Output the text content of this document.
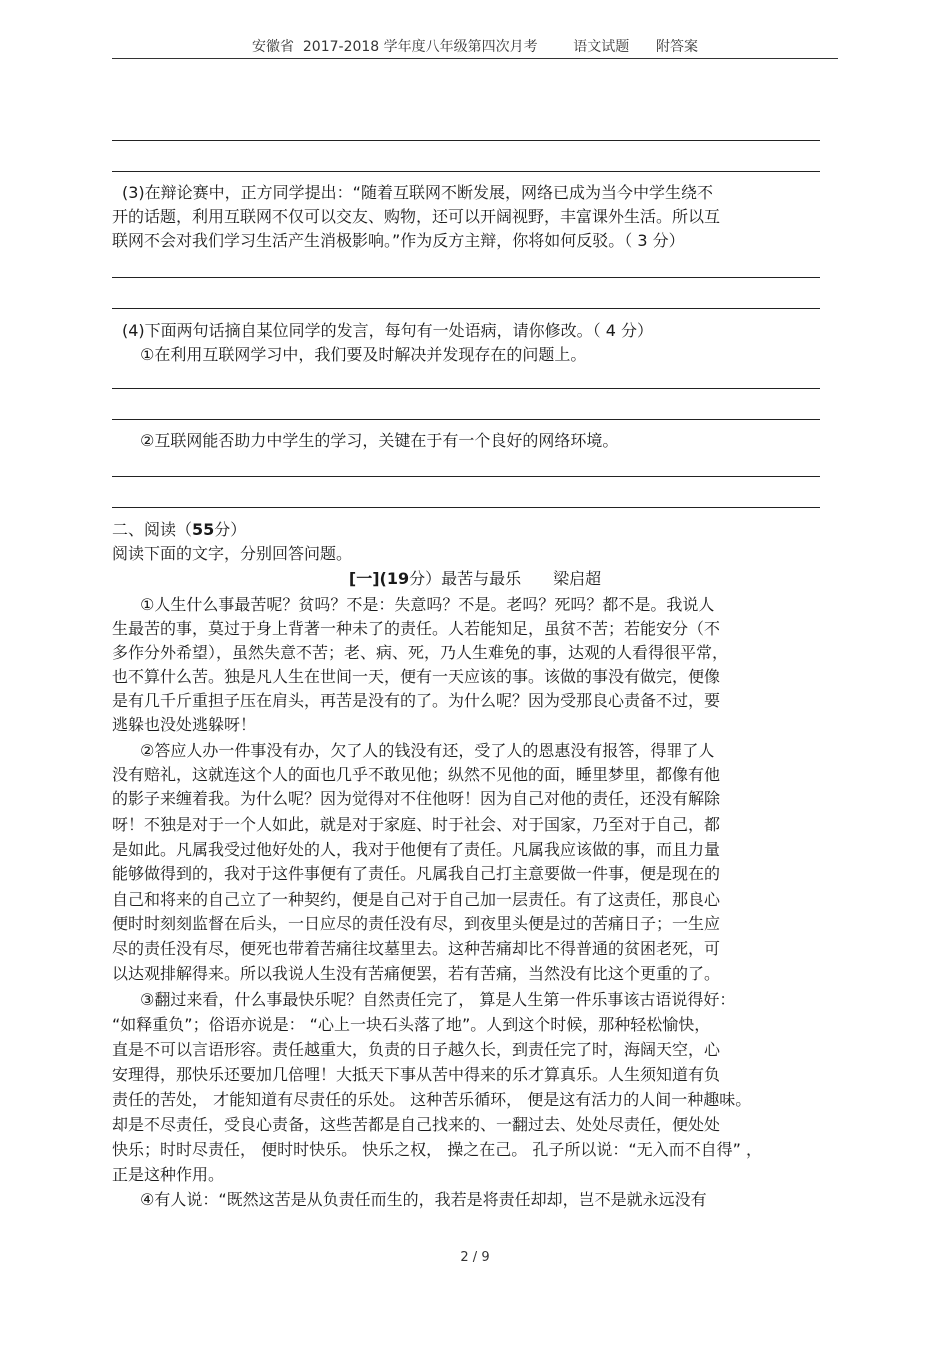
安徽省  2017-2018 学年度八年级第四次月考	语文试题 附答案
(3)在辩论赛中，正方同学提出：“随着互联网不断发展，网络已成为当今中学生绕不
开的话题，利用互联网不仅可以交友、购物，还可以开阔视野，丰富课外生活。所以互
联网不会对我们学习生活产生消极影响。”作为反方主辩，你将如何反驳。（ 3 分）
(4)下面两句话摘自某位同学的发言，每句有一处语病，请你修改。（ 4 分）
①在利用互联网学习中，我们要及时解决并发现存在的问题上。
②互联网能否助力中学生的学习，关键在于有一个良好的网络环境。
二、阅读（55分）
阅读下面的文字，分别回答问题。
[一](19分）最苦与最乐 梁启超
①人生什么事最苦呢？贫吗？不是：失意吗？不是。老吗？死吗？都不是。我说人
生最苦的事，莫过于身上背著一种未了的责任。人若能知足，虽贫不苦；若能安分（不
多作分外希望），虽然失意不苦；老、病、死，乃人生难免的事，达观的人看得很平常，
也不算什么苦。独是凡人生在世间一天，便有一天应该的事。该做的事没有做完，便像
是有几千斤重担子压在肩头，再苦是没有的了。为什么呢？因为受那良心责备不过，要
逃躲也没处逃躲呀！
②答应人办一件事没有办，欠了人的钱没有还，受了人的恩惠没有报答，得罪了人
没有赔礼，这就连这个人的面也几乎不敢见他；纵然不见他的面，睡里梦里，都像有他
的影子来缠着我。为什么呢？因为觉得对不住他呀！因为自己对他的责任，还没有解除
呀！不独是对于一个人如此，就是对于家庭、时于社会、对于国家，乃至对于自己，都
是如此。凡属我受过他好处的人，我对于他便有了责任。凡属我应该做的事，而且力量
能够做得到的，我对于这件事便有了责任。凡属我自己打主意要做一件事，便是现在的
自己和将来的自己立了一种契约，便是自己对于自己加一层责任。有了这责任，那良心
便时时刻刻监督在后头，一日应尽的责任没有尽，到夜里头便是过的苦痛日子；一生应
尽的责任没有尽，便死也带着苦痛往坟墓里去。这种苦痛却比不得普通的贫困老死，可
以达观排解得来。所以我说人生没有苦痛便罢，若有苦痛，当然没有比这个更重的了。
③翻过来看，什么事最快乐呢？自然责任完了， 算是人生第一件乐事该古语说得好：
“如释重负”；俗语亦说是： “心上一块石头落了地”。人到这个时候，那种轻松愉快，
直是不可以言语形容。责任越重大，负责的日子越久长，到责任完了时，海阔天空，心
安理得，那快乐还要加几倍哩！大抵天下事从苦中得来的乐才算真乐。人生须知道有负
责任的苦处， 才能知道有尽责任的乐处。 这种苦乐循环， 便是这有活力的人间一种趣味。
却是不尽责任，受良心责备，这些苦都是自己找来的、一翻过去、处处尽责任，便处处
快乐；时时尽责任， 便时时快乐。 快乐之权， 操之在己。 孔子所以说：“无入而不自得” ，
正是这种作用。
④有人说：“既然这苦是从负责任而生的，我若是将责任却却，岂不是就永远没有
2 / 9
